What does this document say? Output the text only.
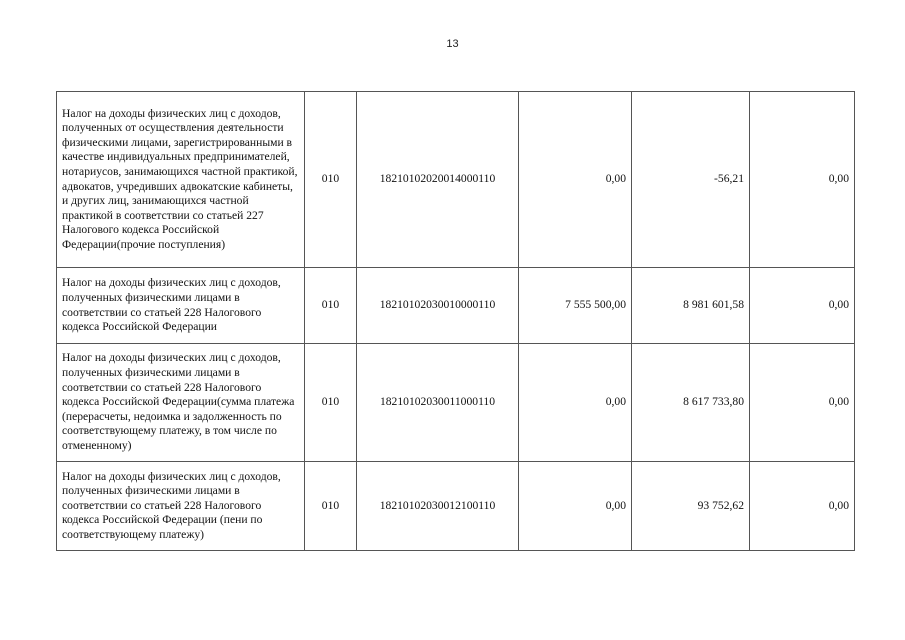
13
Налог на доходы физических лиц с доходов, полученных от осуществления деятельности физическими лицами, зарегистрированными в качестве индивидуальных предпринимателей, нотариусов, занимающихся частной практикой, адвокатов, учредивших адвокатские кабинеты, и других лиц, занимающихся частной практикой в соответствии со статьей 227 Налогового кодекса Российской Федерации(прочие поступления)	010	18210102020014000110	0,00	-56,21	0,00
Налог на доходы физических лиц с доходов, полученных физическими лицами в соответствии со статьей 228 Налогового кодекса Российской Федерации	010	18210102030010000110	7 555 500,00	8 981 601,58	0,00
Налог на доходы физических лиц с доходов, полученных физическими лицами в соответствии со статьей 228 Налогового кодекса Российской Федерации(сумма платежа (перерасчеты, недоимка и задолженность по соответствующему платежу, в том числе по отмененному)	010	18210102030011000110	0,00	8 617 733,80	0,00
Налог на доходы физических лиц с доходов, полученных физическими лицами в соответствии со статьей 228 Налогового кодекса Российской Федерации (пени по соответствующему платежу)	010	18210102030012100110	0,00	93 752,62	0,00
